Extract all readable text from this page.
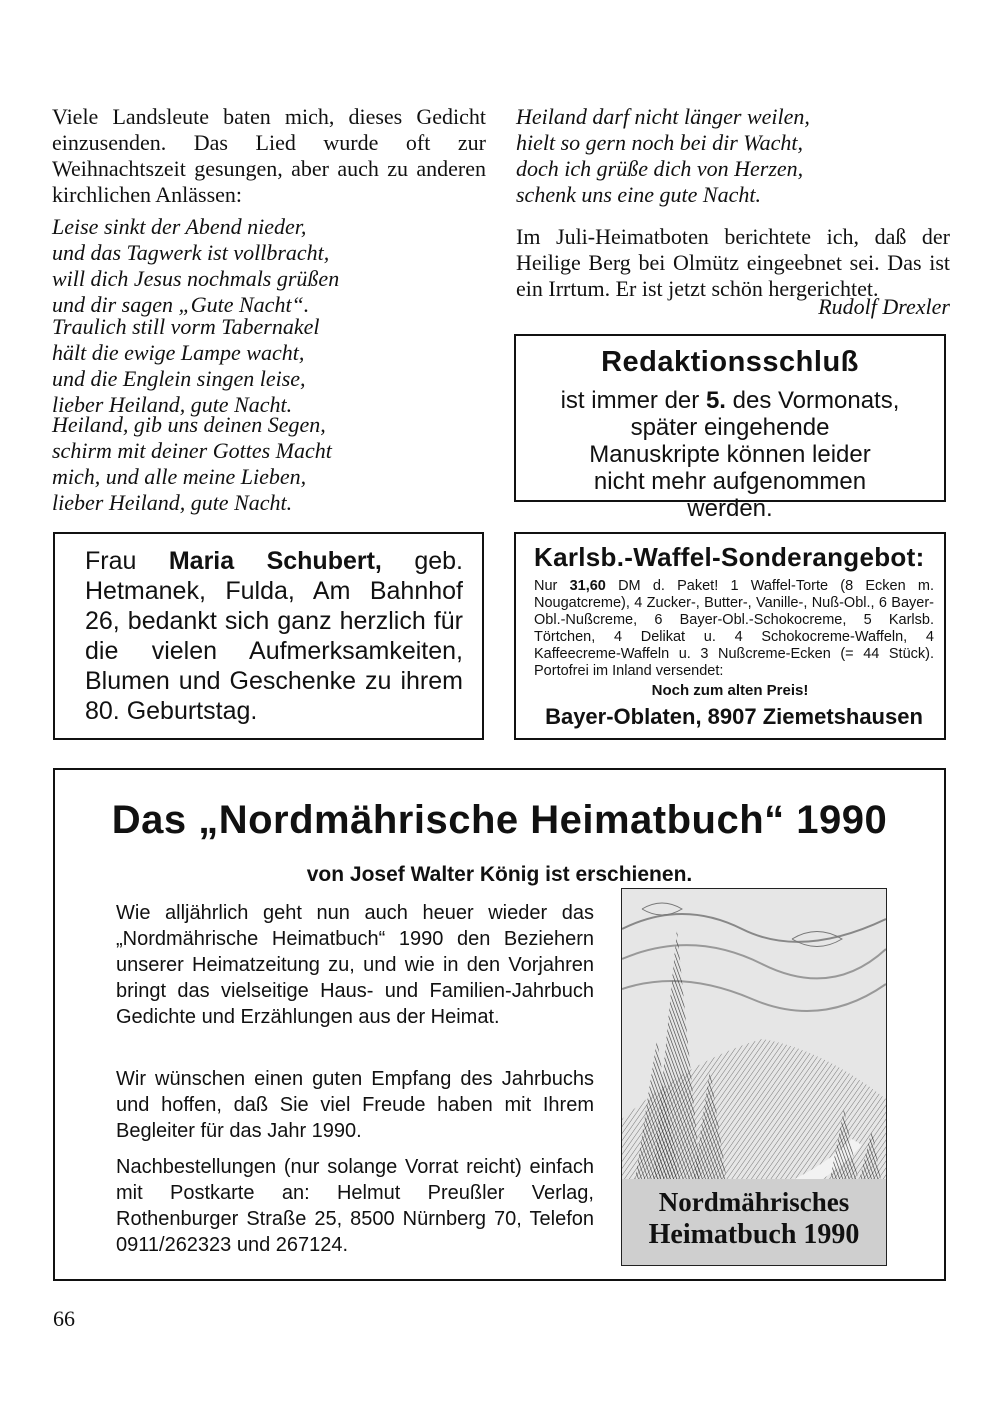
Viele Landsleute baten mich, dieses Gedicht einzusenden. Das Lied wurde oft zur Weihnachtszeit gesungen, aber auch zu anderen kirchlichen Anlässen:

Leise sinkt der Abend nieder,
und das Tagwerk ist vollbracht,
will dich Jesus nochmals grüßen
und dir sagen „Gute Nacht“.
Traulich still vorm Tabernakel
hält die ewige Lampe wacht,
und die Englein singen leise,
lieber Heiland, gute Nacht.
Heiland, gib uns deinen Segen,
schirm mit deiner Gottes Macht
mich, und alle meine Lieben,
lieber Heiland, gute Nacht.
Heiland darf nicht länger weilen,
hielt so gern noch bei dir Wacht,
doch ich grüße dich von Herzen,
schenk uns eine gute Nacht.

Im Juli-Heimatboten berichtete ich, daß der Heilige Berg bei Olmütz eingeebnet sei. Das ist ein Irrtum. Er ist jetzt schön hergerichtet.

Rudolf Drexler

Redaktionsschluß
ist immer der 5. des Vormonats,
später eingehende Manuskripte können leider nicht mehr aufgenommen werden.

Frau Maria Schubert, geb. Hetmanek, Fulda, Am Bahnhof 26, bedankt sich ganz herzlich für die vielen Aufmerksamkeiten, Blumen und Geschenke zu ihrem 80. Geburtstag.

Karlsb.-Waffel-Sonderangebot:

Nur 31,60 DM d. Paket! 1 Waffel-Torte (8 Ecken m. Nougatcreme), 4 Zucker-, Butter-, Vanille-, Nuß-Obl., 6 Bayer-Obl.-Nußcreme, 6 Bayer-Obl.-Schokocreme, 5 Karlsb. Törtchen, 4 Delikat u. 4 Schokocreme-Waffeln, 4 Kaffeecreme-Waffeln u. 3 Nußcreme-Ecken (= 44 Stück). Portofrei im Inland versendet:

Noch zum alten Preis!
Bayer-Oblaten, 8907 Ziemetshausen
Das „Nordmährische Heimatbuch“ 1990
von Josef Walter König ist erschienen.

Wie alljährlich geht nun auch heuer wieder das „Nordmährische Heimatbuch“ 1990 den Beziehern unserer Heimatzeitung zu, und wie in den Vorjahren bringt das vielseitige Haus- und Familien-Jahrbuch Gedichte und Erzählungen aus der Heimat.

Wir wünschen einen guten Empfang des Jahrbuchs und hoffen, daß Sie viel Freude haben mit Ihrem Begleiter für das Jahr 1990.

Nachbestellungen (nur solange Vorrat reicht) einfach mit Postkarte an: Helmut Preußler Verlag, Rothenburger Straße 25, 8500 Nürnberg 70, Telefon 0911/262323 und 267124.

Nordmährisches
Heimatbuch 1990
66
